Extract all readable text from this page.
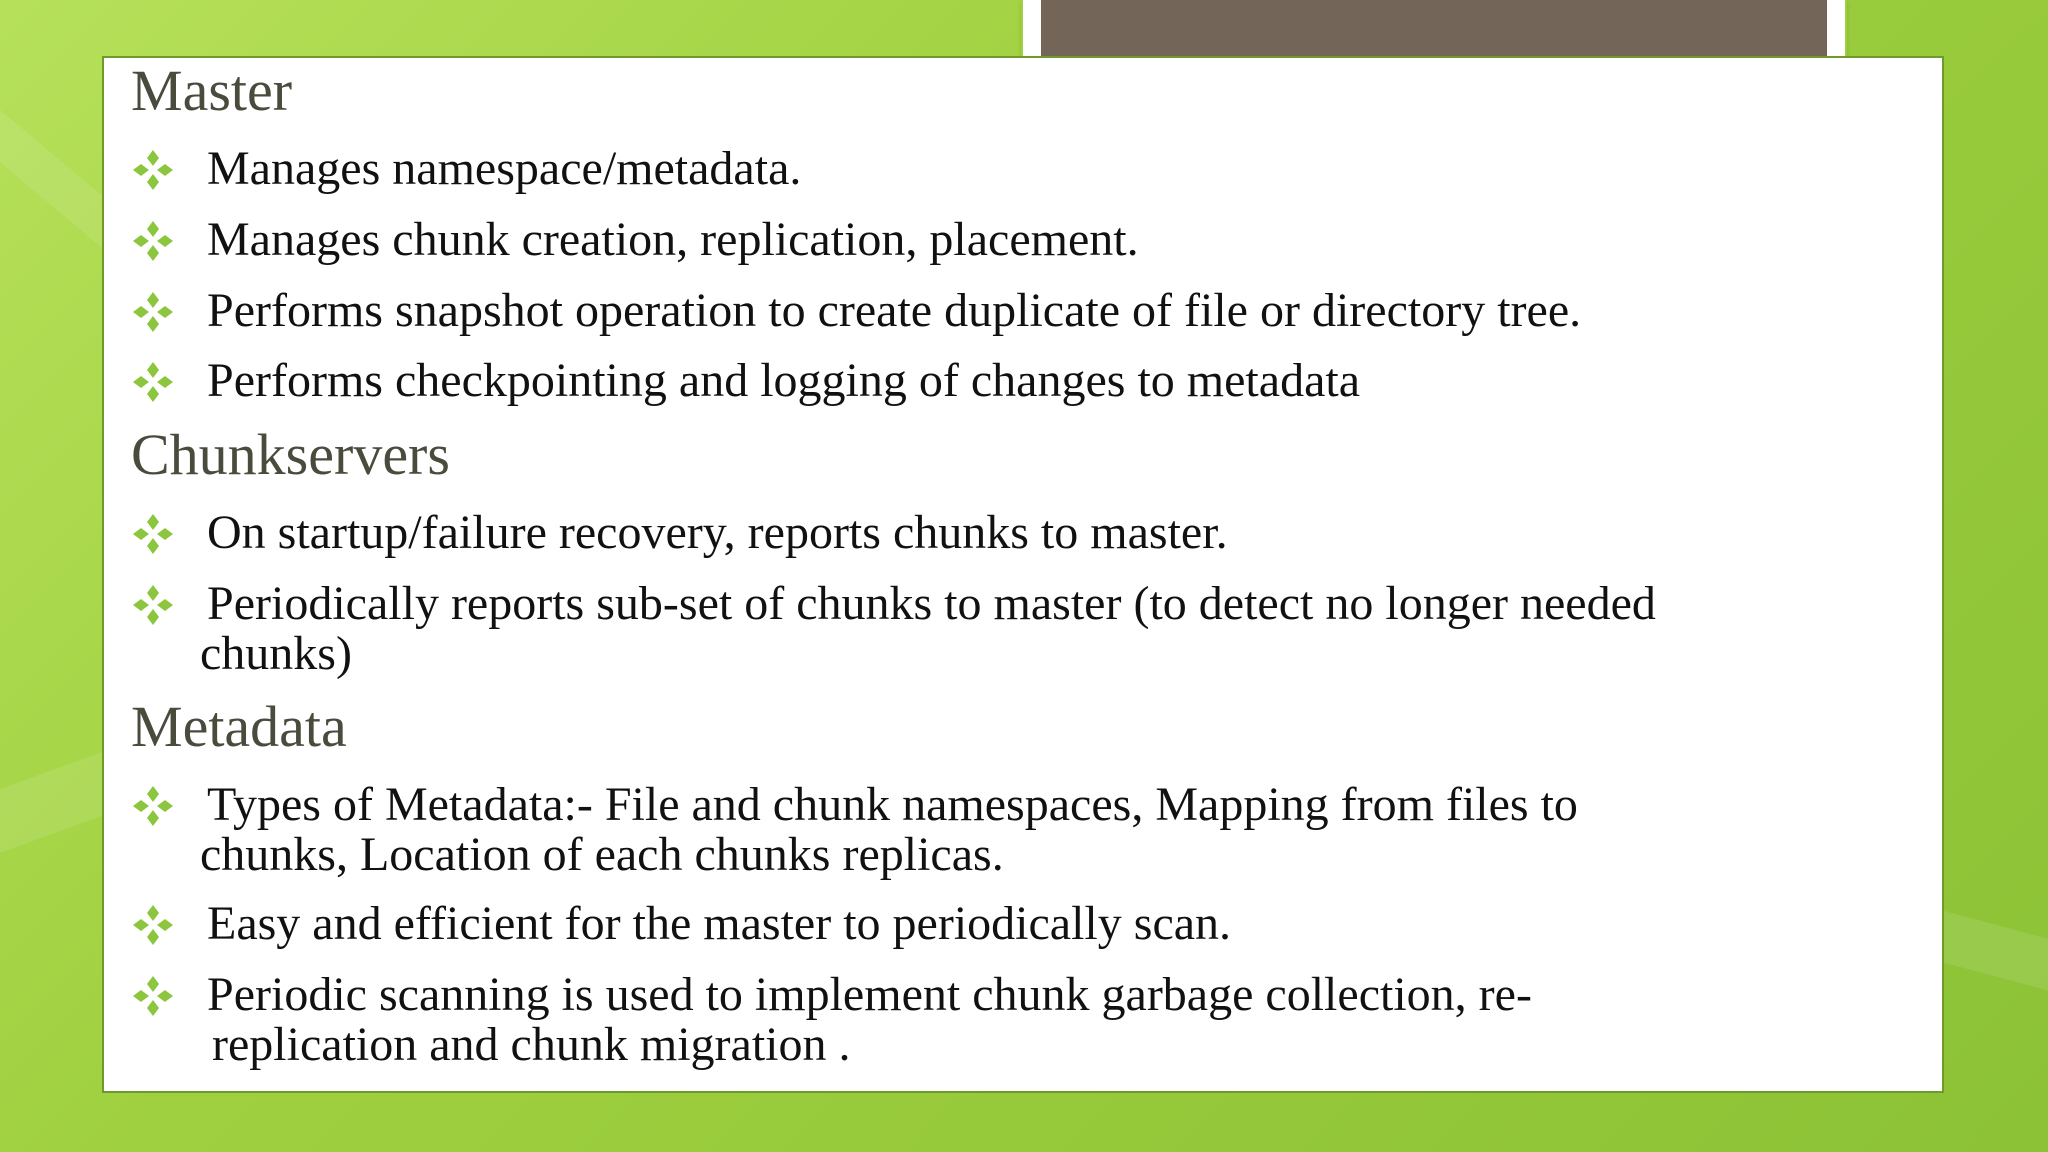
Master
Manages namespace/metadata.
Manages chunk creation, replication, placement.
Performs snapshot operation to create duplicate of file or directory tree.
Performs checkpointing and logging of changes to metadata
Chunkservers
On startup/failure recovery, reports chunks to master.
Periodically reports sub-set of chunks to master (to detect no longer needed
chunks)
Metadata
Types of Metadata:- File and chunk namespaces, Mapping from files to
chunks, Location of each chunks replicas.
Easy and efficient for the master to periodically scan.
Periodic scanning is used to implement chunk garbage collection, re-
replication and chunk migration .
